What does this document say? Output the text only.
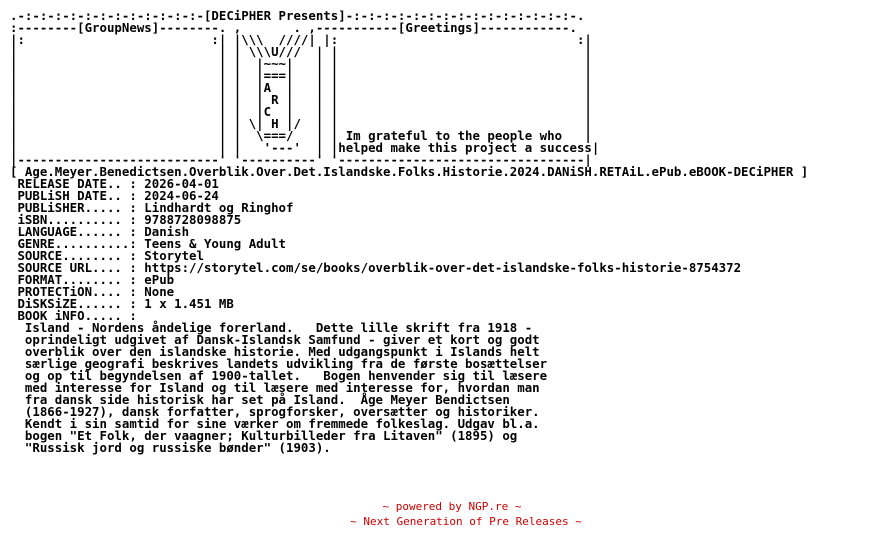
.-:-:-:-:-:-:-:-:-:-:-:-:-[DECiPHER Presents]-:-:-:-:-:-:-:-:-:-:-:-:-:-:-:-.
:--------[GroupNews]--------. ,       . ,-----------[Greetings]------------.
|:                         :| |\\\  ////| |:                                :|
|                           | | \\\U///  | |                                 |
|                           | |  |~~~|   | |                                 |
|                           | |  |===|   | |                                 |
|                           | |  |A  |   | |                                 |
|                           | |  | R |   | |                                 |
|                           | |  |C  |   | |                                 |
|                           | | \| H |/  | |                                 |
|                           | |  \===/   | | Im grateful to the people who   |
|                           | |   '---'  | |helped make this project a success|
|---------------------------' '----------' '---------------------------------|
[ Age.Meyer.Benedictsen.Overblik.Over.Det.Islandske.Folks.Historie.2024.DANiSH.RETAiL.ePub.eBOOK-DECiPHER ]
RELEASE DATE.. : 2026-04-01
PUBLiSH DATE.. : 2024-06-24
PUBLiSHER..... : Lindhardt og Ringhof
iSBN.......... : 9788728098875
LANGUAGE...... : Danish
GENRE..........: Teens & Young Adult
SOURCE........ : Storytel
SOURCE URL.... : https://storytel.com/se/books/overblik-over-det-islandske-folks-historie-8754372
FORMAT........ : ePub
PROTECTiON.... : None
DiSKSiZE...... : 1 x 1.451 MB
BOOK iNFO..... :
Island - Nordens åndelige forerland.   Dette lille skrift fra 1918 -
oprindeligt udgivet af Dansk-Islandsk Samfund - giver et kort og godt
overblik over den islandske historie. Med udgangspunkt i Islands helt
særlige geografi beskrives landets udvikling fra de første bosættelser
og op til begyndelsen af 1900-tallet.   Bogen henvender sig til læsere
med interesse for Island og til læsere med interesse for, hvordan man
fra dansk side historisk har set på Island.  Åge Meyer Bendictsen
(1866-1927), dansk forfatter, sprogforsker, oversætter og historiker.
Kendt i sin samtid for sine værker om fremmede folkeslag. Udgav bl.a.
bogen "Et Folk, der vaagner; Kulturbilleder fra Litaven" (1895) og
"Russisk jord og russiske bønder" (1903).
~ powered by NGP.re ~
~ Next Generation of Pre Releases ~
